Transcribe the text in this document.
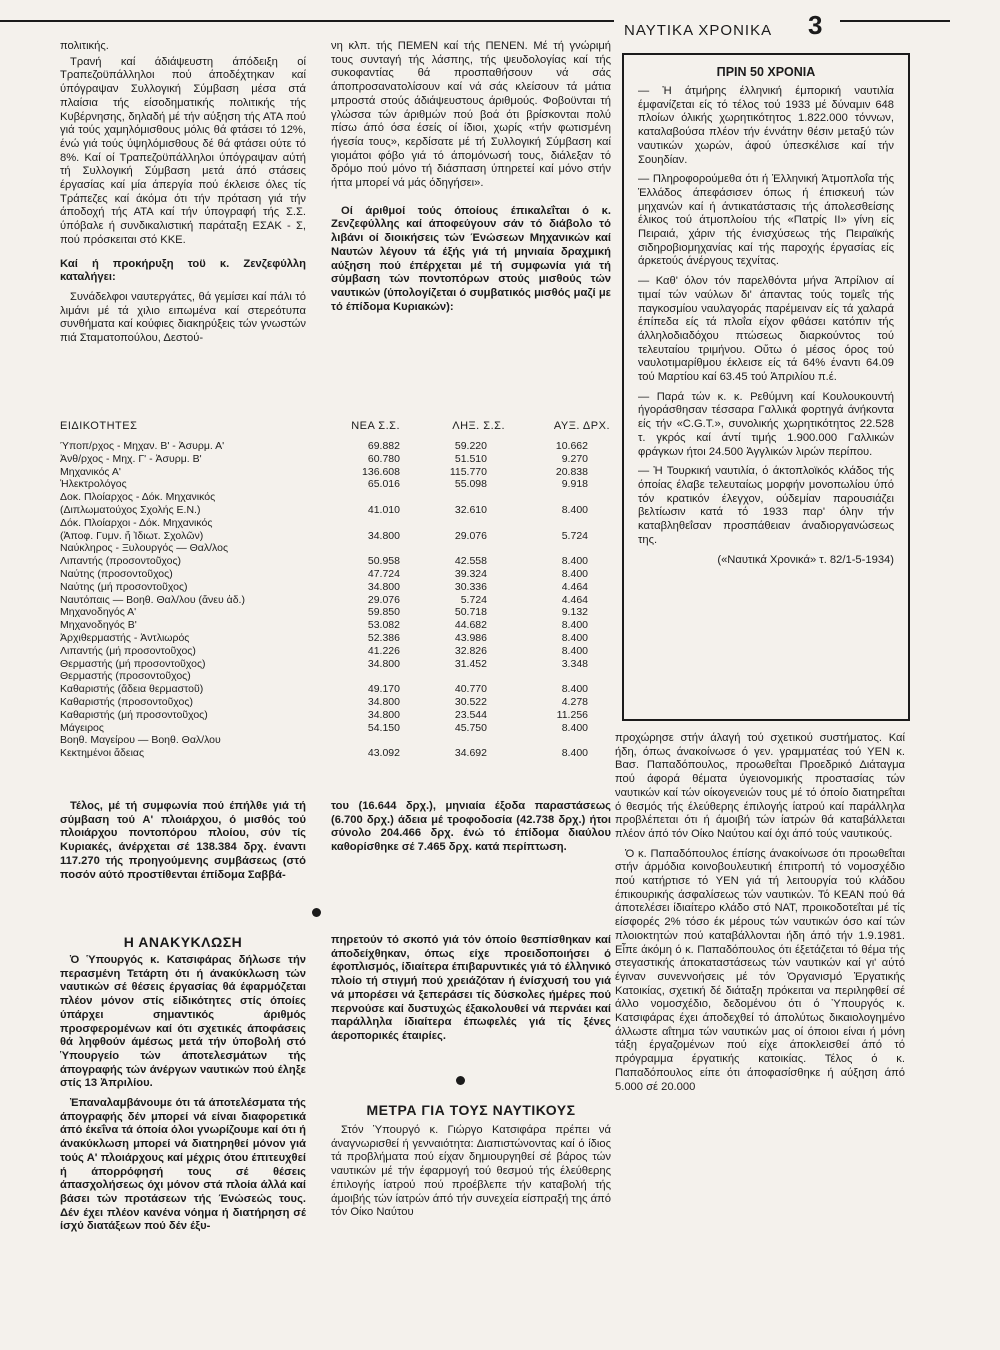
ΝΑΥΤΙΚΑ ΧΡΟΝΙΚΑ 3

πολιτικής.

Τρανή καί άδιάψευστη άπόδειξη οί Τραπεζοϋπάλληλοι πού άποδέχτηκαν καί ύπόγραψαν Συλλογική Σύμβαση μέσα στά πλαίσια τής είσοδηματικής πολιτικής τής Κυβέρνησης, δηλαδή μέ τήν αύξηση τής ΑΤΑ πού γιά τούς χαμηλόμισθους μόλις θά φτάσει τό 12%, ένώ γιά τούς ύψηλόμισθους δέ θά φτάσει ούτε τό 8%. Καί οί Τραπεζοϋπάλληλοι ύπόγραψαν αύτή τή Συλλογική Σύμβαση μετά άπό στάσεις έργασίας καί μία άπεργία πού έκλεισε όλες τίς Τράπεζες καί άκόμα ότι τήν πρόταση γιά τήν άποδοχή τής ΑΤΑ καί τήν ύπογραφή τής Σ.Σ. ύπόβαλε ή συνδικαλιστική παράταξη ΕΣΑΚ - Σ, πού πρόσκειται στό ΚΚΕ.

Καί ή προκήρυξη τοϋ κ. Ζενζεφύλλη καταλήγει:

Συνάδελφοι ναυτεργάτες, θά γεμίσει καί πάλι τό λιμάνι μέ τά χιλιο ειπωμένα καί στερεότυπα συνθήματα καί κούφιες διακηρύξεις τών γνωστών πιά Σταματοπούλου, Δεστού-

νη κλπ. τής ΠΕΜΕΝ καί τής ΠΕΝΕΝ. Μέ τή γνώριμή τους συνταγή τής λάσπης, τής ψευδολογίας καί τής συκοφαντίας θά προσπαθήσουν νά σάς άποπροσανατολίσουν καί νά σάς κλείσουν τά μάτια μπροστά στούς άδιάψευστους άριθμούς. Φοβοϋνται τή γλώσσα τών άριθμών πού βοά ότι βρίσκονται πολύ πίσω άπό όσα έσείς οί ίδιοι, χωρίς «τήν φωτισμένη ήγεσία τους», κερδίσατε μέ τή Συλλογική Σύμβαση καί γιομάτοι φόβο γιά τό άπομόνωσή τους, διάλεξαν τό δρόμο πού μόνο τή διάσπαση ύπηρετεί καί μόνο στήν ήττα μπορεί νά μάς όδηγήσει».

Οί άριθμοί τούς όποίους έπικαλεΐται ό κ. Ζενζεφύλλης καί άποφεύγουν σάν τό διάβολο τό λιβάνι οί διοικήσεις τών Ένώσεων Μηχανικών καί Ναυτών λέγουν τά έξής γιά τή μηνιαία δραχμική αύξηση πού έπέρχεται μέ τή συμφωνία γιά τή σύμβαση τών ποντοπόρων στούς μισθούς τών ναυτικών (ύπολογίζεται ό συμβατικός μισθός μαζί με τό έπίδομα Κυριακών):

ΠΡΙΝ 50 ΧΡΟΝΙΑ

— Ἡ άτμήρης έλληνική έμπορική ναυτιλία έμφανίζεται είς τό τέλος τού 1933 μέ δύναμιν 648 πλοίων όλικής χωρητικότητος 1.822.000 τόννων, καταλαβούσα πλέον τήν έννάτην θέσιν μεταξύ τών ναυτικών χωρών, άφού ύπεσκέλισε καί τήν Σουηδίαν.

— Πληροφορούμεθα ότι ή Ἑλληνική Ἀτμοπλοΐα τής Ἑλλάδος άπεφάσισεν όπως ή έπισκευή τών μηχανών καί ή άντικατάστασις τής άπολεσθείσης έλικος τού άτμοπλοίου τής «Πατρίς ΙΙ» γίνη είς Πειραιά, χάριν τής ένισχύσεως τής Πειραϊκής σιδηροβιομηχανίας καί τής παροχής έργασίας είς άρκετούς άνέργους τεχνίτας.

— Καθ' όλον τόν παρελθόντα μήνα Ἀπρίλιον αί τιμαί τών ναύλων δι' άπαντας τούς τομεΐς τής παγκοσμίου ναυλαγοράς παρέμειναν είς τά χαλαρά έπίπεδα είς τά πλοΐα είχον φθάσει κατόπιν τής άλληλοδιαδόχου πτώσεως διαρκούντος τού τελευταίου τριμήνου. Οὕτω ό μέσος όρος τού ναυλοτιμαρίθμου έκλεισε είς τά 64% έναντι 64.09 τού Μαρτίου καί 63.45 τού Ἀπριλίου π.έ.

— Παρά τών κ. κ. Ρεθύμνη καί Κουλουκουντή ήγοράσθησαν τέσσαρα Γαλλικά φορτηγά άνήκοντα είς τήν «C.G.T.», συνολικής χωρητικότητος 22.528 τ. γκρός καί άντί τιμής 1.900.000 Γαλλικών φράγκων ήτοι 24.500 Ἀγγλικών λιρών περίπου.

— Ἡ Τουρκική ναυτιλία, ό άκτοπλοϊκός κλάδος τής όποίας έλαβε τελευταίως μορφήν μονοπωλίου ύπό τόν κρατικόν έλεγχον, ούδεμίαν παρουσιάζει βελτίωσιν κατά τό 1933 παρ' όλην τήν καταβληθεΐσαν προσπάθειαν άναδιοργανώσεως της.

(«Ναυτικά Χρονικά» τ. 82/1-5-1934)

ΕΙΔΙΚΟΤΗΤΕΣ	ΝΕΑ Σ.Σ.	ΛΗΞ. Σ.Σ.	ΑΥΞ. ΔΡΧ.
Ύποπ/ρχος - Μηχαν. Β' - Ἀσυρμ. Α'	69.882	59.220	10.662
Ἀνθ/ρχος - Μηχ. Γ' - Ἀσυρμ. Β'	60.780	51.510	9.270
Μηχανικός Α'	136.608	115.770	20.838
Ἠλεκτρολόγος	65.016	55.098	9.918
Δοκ. Πλοίαρχος - Δόκ. Μηχανικός			
(Διπλωματούχος Σχολής Ε.Ν.)	41.010	32.610	8.400
Δόκ. Πλοίαρχοι - Δόκ. Μηχανικός			
(Ἀποφ. Γυμν. ἤ Ἰδιωτ. Σχολῶν)	34.800	29.076	5.724
Ναύκληρος - Ξυλουργός — Θαλ/λος			
Λιπαντής (προσοντοῦχος)	50.958	42.558	8.400
Ναύτης (προσοντοῦχος)	47.724	39.324	8.400
Ναύτης (μή προσοντοῦχος)	34.800	30.336	4.464
Ναυτόπαις — Βοηθ. Θαλ/λου (ἄνευ ἀδ.)	29.076	5.724	4.464
Μηχανοδηγός Α'	59.850	50.718	9.132
Μηχανοδηγός Β'	53.082	44.682	8.400
Ἀρχιθερμαστής - Ἀντλιωρός	52.386	43.986	8.400
Λιπαντής (μή προσοντοῦχος)	41.226	32.826	8.400
Θερμαστής (μή προσοντοῦχος)	34.800	31.452	3.348
Θερμαστής (προσοντοῦχος)			
Καθαριστής (ἄδεια θερμαστοῦ)	49.170	40.770	8.400
Καθαριστής (προσοντοῦχος)	34.800	30.522	4.278
Καθαριστής (μή προσοντοῦχος)	34.800	23.544	11.256
Μάγειρος	54.150	45.750	8.400
Βοηθ. Μαγείρου — Βοηθ. Θαλ/λου			
Κεκτημένοι ἄδειας	43.092	34.692	8.400

προχώρησε στήν άλαγή τού σχετικού συστήματος. Καί ήδη, όπως άνακοίνωσε ό γεν. γραμματέας τού ΥΕΝ κ. Βασ. Παπαδόπουλος, προωθεΐται Προεδρικό Διάταγμα πού άφορά θέματα ύγειονομικής προστασίας τών ναυτικών καί τών οίκογενειών τους μέ τό όποίο διατηρεΐται ό θεσμός τής έλεύθερης έπιλογής ίατρού καί παράλληλα προβλέπεται ότι ή άμοιβή τών ίατρών θά καταβάλλεται πλέον άπό τόν Οίκο Ναύτου καί όχι άπό τούς ναυτικούς.

Ὁ κ. Παπαδόπουλος έπίσης άνακοίνωσε ότι προωθεΐται στήν άρμόδια κοινοβουλευτική έπιτροπή τό νομοσχέδιο πού κατήρτισε τό ΥΕΝ γιά τή λειτουργία τού κλάδου έπικουρικής άσφαλίσεως τών ναυτικών. Τό ΚΕΑΝ πού θά άποτελέσει ίδιαίτερο κλάδο στό ΝΑΤ, προικοδοτεΐται μέ τίς είσφορές 2% τόσο έκ μέρους τών ναυτικών όσο καί τών πλοιοκτητών πού καταβάλλονται ήδη άπό τήν 1.9.1981. Εἶπε άκόμη ό κ. Παπαδόπουλος ότι έξετάζεται τό θέμα τής στεγαστικής άποκαταστάσεως τών ναυτικών καί γι' αύτό έγιναν συνεννοήσεις μέ τόν Ὀργανισμό Ἐργατικής Κατοικίας, σχετική δέ διάταξη πρόκειται να περιληφθεί σέ άλλο νομοσχέδιο, δεδομένου ότι ό Ὑπουργός κ. Κατσιφάρας έχει άποδεχθεί τό άπολύτως δικαιολογημένο άλλωστε αΐτημα τών ναυτικών μας οί όποιοι είναι ή μόνη τάξη έργαζομένων πού είχε άποκλεισθεί άπό τό πρόγραμμα έργατικής κατοικίας. Τέλος ό κ. Παπαδόπουλος είπε ότι άποφασίσθηκε ή αύξηση άπό 5.000 σέ 20.000

Τέλος, μέ τή συμφωνία πού έπήλθε γιά τή σύμβαση τού Α' πλοιάρχου, ό μισθός τού πλοιάρχου ποντοπόρου πλοίου, σύν τίς Κυριακές, άνέρχεται σέ 138.384 δρχ. έναντι 117.270 τής προηγούμενης συμβάσεως (στό ποσόν αύτό προστίθενται έπίδομα Σαββά-

του (16.644 δρχ.), μηνιαία έξοδα παραστάσεως (6.700 δρχ.) άδεια μέ τροφοδοσία (42.738 δρχ.) ήτοι σύνολο 204.466 δρχ. ένώ τό έπίδομα διαύλου καθορίσθηκε σέ 7.465 δρχ. κατά περίπτωση.

Η ΑΝΑΚΥΚΛΩΣΗ

Ὁ Ὑπουργός κ. Κατσιφάρας δήλωσε τήν περασμένη Τετάρτη ότι ή άνακύκλωση τών ναυτικών σέ θέσεις έργασίας θά έφαρμόζεται πλέον μόνον στίς είδικότητες στίς όποίες ύπάρχει σημαντικός άριθμός προσφερομένων καί ότι σχετικές άποφάσεις θά ληφθούν άμέσως μετά τήν ύποβολή στό Ὑπουργείο τών άποτελεσμάτων τής άπογραφής τών άνέργων ναυτικών πού έληξε στίς 13 Ἀπριλίου.

Ἐπαναλαμβάνουμε ότι τά άποτελέσματα τής άπογραφής δέν μπορεί νά είναι διαφορετικά άπό έκεΐνα τά όποία όλοι γνωρίζουμε καί ότι ή άνακύκλωση μπορεί νά διατηρηθεί μόνον γιά τούς Α' πλοιάρχους καί μέχρις ότου έπιτευχθεί ή άπορρόφησή τους σέ θέσεις άπασχολήσεως όχι μόνον στά πλοία άλλά καί βάσει τών προτάσεων τής Ένώσεώς τους. Δέν έχει πλέον κανένα νόημα ή διατήρηση σέ ίσχύ διατάξεων πού δέν έξυ-

πηρετούν τό σκοπό γιά τόν όποίο θεσπίσθηκαν καί άποδείχθηκαν, όπως είχε προειδοποιήσει ό έφοπλισμός, ίδιαίτερα έπιβαρυντικές γιά τό έλληνικό πλοίο τή στιγμή πού χρειάζόταν ή ένίσχυσή του γιά νά μπορέσει νά ξεπεράσει τίς δύσκολες ήμέρες πού περνούσε καί δυστυχώς έξακολουθεί νά περνάει καί παράλληλα ίδιαίτερα έπωφελές γιά τίς ξένες άεροπορικές έταιρίες.

ΜΕΤΡΑ ΓΙΑ ΤΟΥΣ ΝΑΥΤΙΚΟΥΣ

Στόν Ὑπουργό κ. Γιώργο Κατσιφάρα πρέπει νά άναγνωρισθεί ή γενναιότητα: Διαπιστώνοντας καί ό ίδιος τά προβλήματα πού είχαν δημιουργηθεί σέ βάρος τών ναυτικών μέ τήν έφαρμογή τού θεσμού τής έλεύθερης έπιλογής ίατρού πού προέβλεπε τήν καταβολή τής άμοιβής τών ίατρών άπό τήν συνεχεία είσπραξή της άπό τόν Οίκο Ναύτου
